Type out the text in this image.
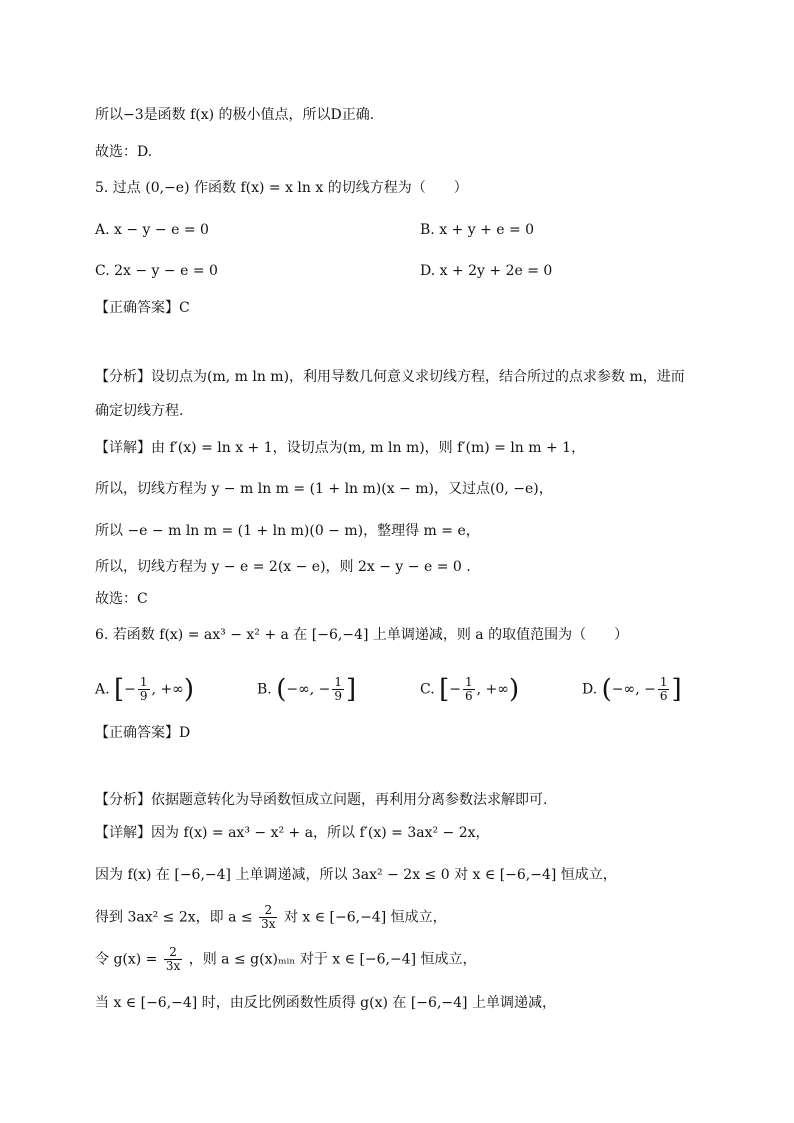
所以−3是函数 f(x) 的极小值点，所以D正确.
故选：D.
5. 过点 (0,−e) 作函数 f(x) = x ln x 的切线方程为（　　）
A. x − y − e = 0	B. x + y + e = 0
C. 2x − y − e = 0	D. x + 2y + 2e = 0
【正确答案】C
【分析】设切点为(m, m ln m)，利用导数几何意义求切线方程，结合所过的点求参数 m，进而
确定切线方程.
【详解】由 f′(x) = ln x + 1，设切点为(m, m ln m)，则 f′(m) = ln m + 1，
所以，切线方程为 y − m ln m = (1 + ln m)(x − m)，又过点(0, −e)，
所以 −e − m ln m = (1 + ln m)(0 − m)，整理得 m = e，
所以，切线方程为 y − e = 2(x − e)，则 2x − y − e = 0 .
故选：C
6. 若函数 f(x) = ax³ − x² + a 在 [−6,−4] 上单调递减，则 a 的取值范围为（　　）
A. [− $\frac{1}{9}$ , +∞)	B. (−∞, − $\frac{1}{9}$ ]	C. [− $\frac{1}{6}$ , +∞)	D. (−∞, − $\frac{1}{6}$ ]
【正确答案】D
【分析】依据题意转化为导函数恒成立问题，再利用分离参数法求解即可.
【详解】因为 f(x) = ax³ − x² + a，所以 f′(x) = 3ax² − 2x，
因为 f(x) 在 [−6,−4] 上单调递减，所以 3ax² − 2x ≤ 0 对 x ∈ [−6,−4] 恒成立，
得到 3ax² ≤ 2x，即 $a \le \frac{2}{3x}$ 对 x ∈ [−6,−4] 恒成立，
令 $g(x) = \frac{2}{3x}$ ，则 a ≤ g(x)ₘᵢₙ 对于 x ∈ [−6,−4] 恒成立，
当 x ∈ [−6,−4] 时，由反比例函数性质得 g(x) 在 [−6,−4] 上单调递减，
